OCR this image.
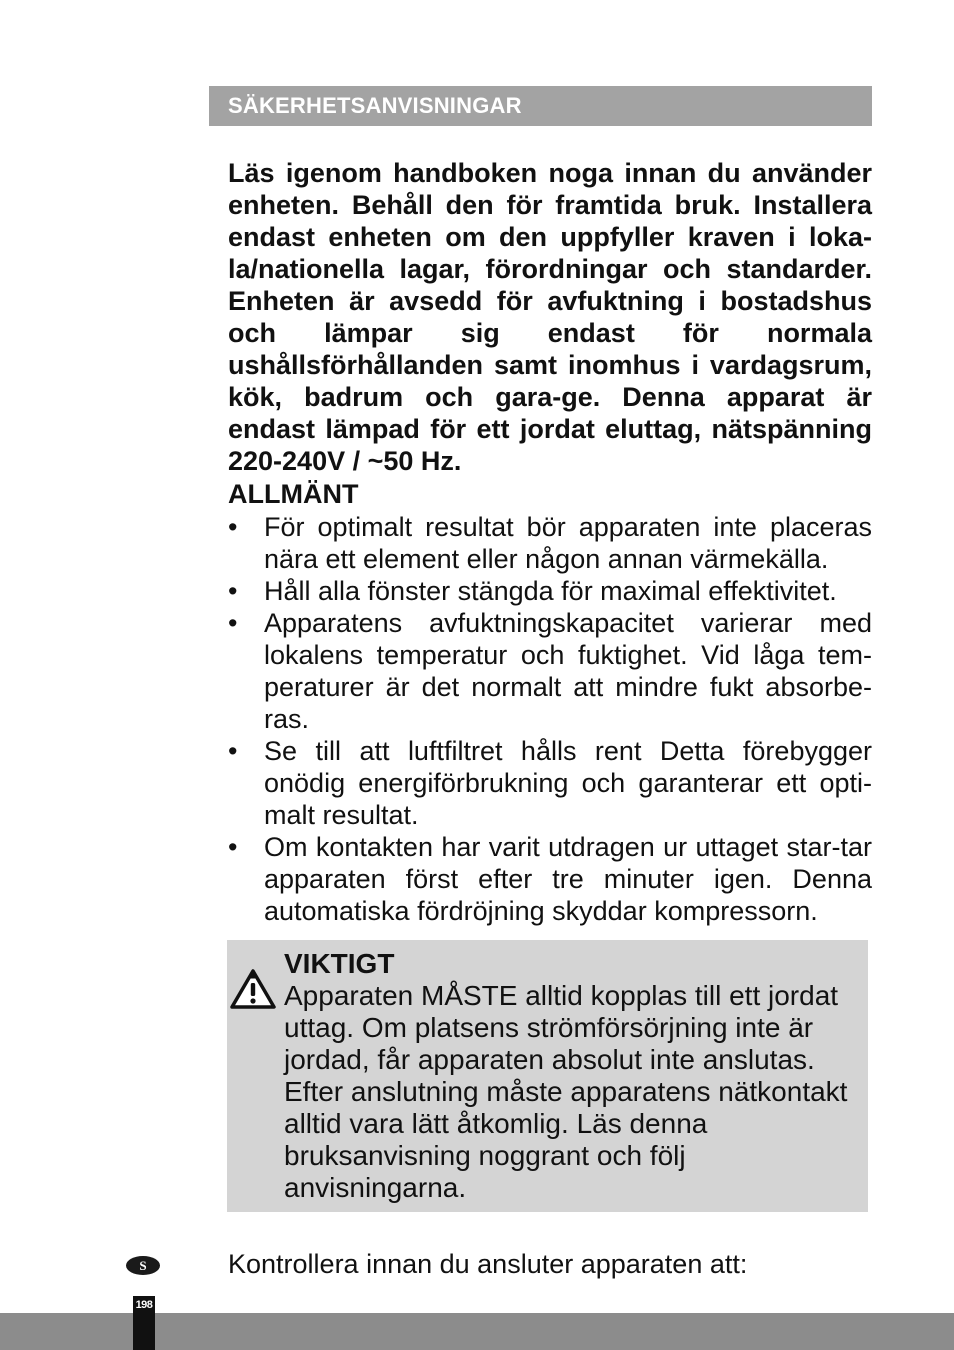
SÄKERHETSANVISNINGAR

Läs igenom handboken noga innan du använder enheten. Behåll den för framtida bruk. Installera endast enheten om den uppfyller kraven i loka-la/nationella lagar, förordningar och standarder. Enheten är avsedd för avfuktning i bostadshus och lämpar sig endast för normala ushållsförhållanden samt inomhus i vardagsrum, kök, badrum och gara-ge. Denna apparat är endast lämpad för ett jordat eluttag, nätspänning 220-240V / ~50 Hz.

ALLMÄNT
• För optimalt resultat bör apparaten inte placeras nära ett element eller någon annan värmekälla.
• Håll alla fönster stängda för maximal effektivitet.
• Apparatens avfuktningskapacitet varierar med lokalens temperatur och fuktighet. Vid låga tem-peraturer är det normalt att mindre fukt absorbe-ras.
• Se till att luftfiltret hålls rent Detta förebygger onödig energiförbrukning och garanterar ett opti-malt resultat.
• Om kontakten har varit utdragen ur uttaget star-tar apparaten först efter tre minuter igen. Denna automatiska fördröjning skyddar kompressorn.
VIKTIGT

Apparaten MÅSTE alltid kopplas till ett jordat uttag. Om platsens strömförsörjning inte är jordad, får apparaten absolut inte anslutas. Efter anslutning måste apparatens nätkontakt alltid vara lätt åtkomlig. Läs denna bruksanvisning noggrant och följ anvisningarna.

Kontrollera innan du ansluter apparaten att:

S
198
